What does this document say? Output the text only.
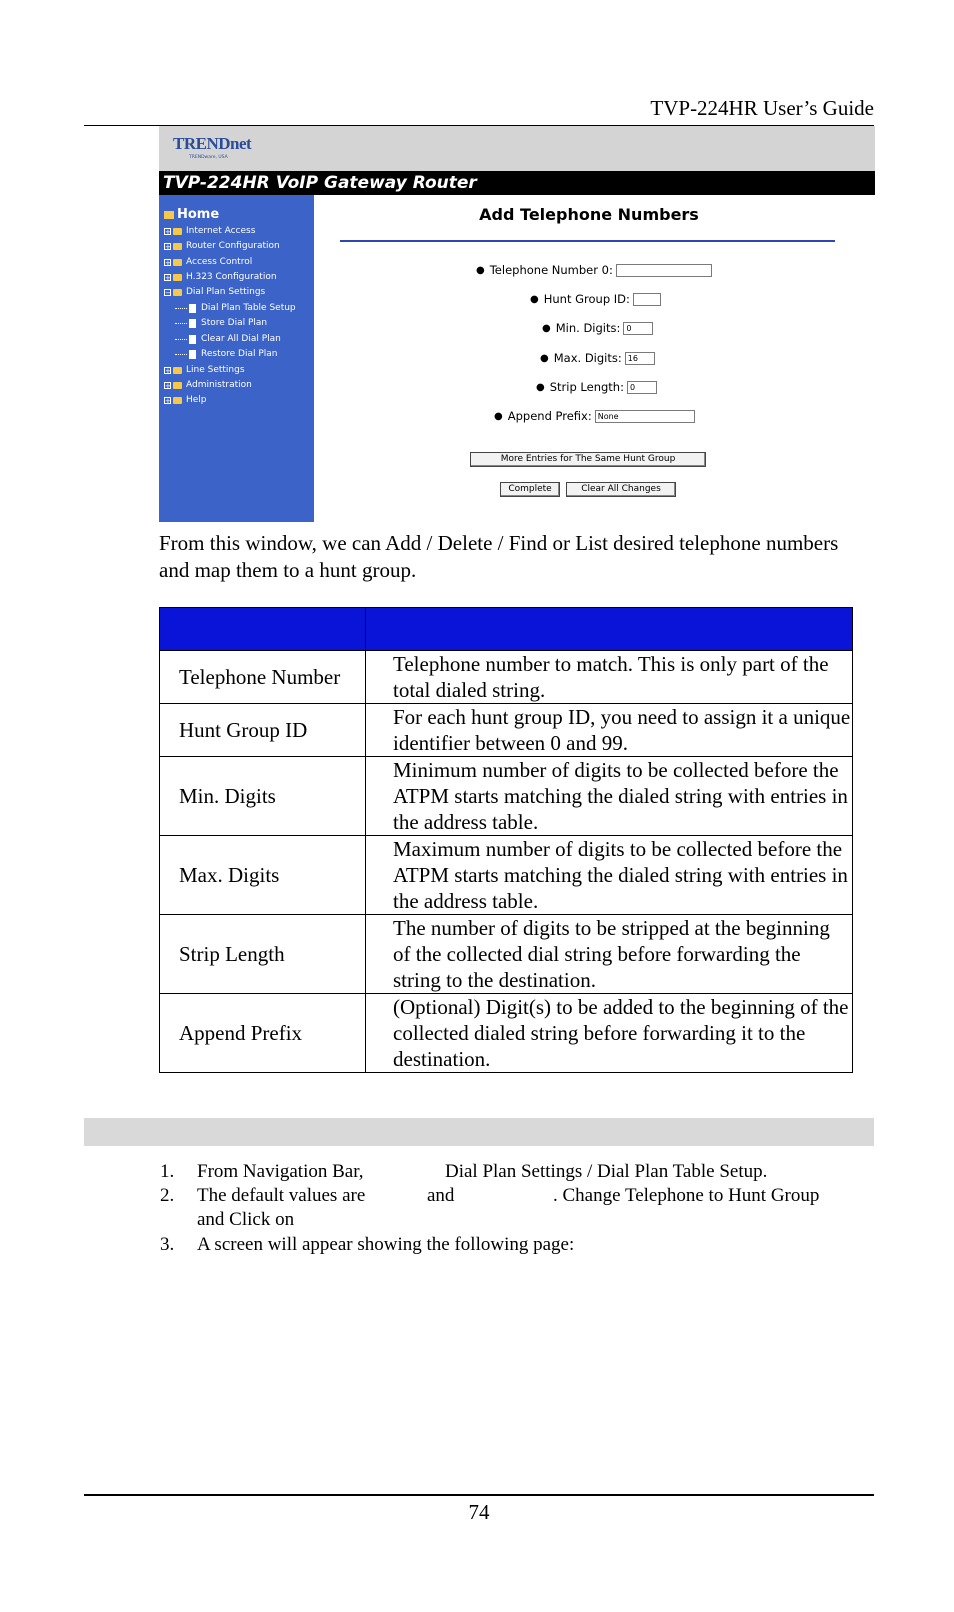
TVP-224HR User’s Guide
TRENDnet
TRENDware, USA
TVP-224HR VoIP Gateway Router
Home
+ Internet Access
+ Router Configuration
+ Access Control
+ H.323 Configuration
− Dial Plan Settings
Dial Plan Table Setup
Store Dial Plan
Clear All Dial Plan
Restore Dial Plan
+ Line Settings
+ Administration
+ Help
Add Telephone Numbers
● Telephone Number 0:
● Hunt Group ID:
● Min. Digits: 0
● Max. Digits: 16
● Strip Length: 0
● Append Prefix: None
More Entries for The Same Hunt Group
Complete	Clear All Changes
From this window, we can Add / Delete / Find or List desired telephone numbers and map them to a hunt group.

Telephone Number	Telephone number to match. This is only part of the total dialed string.
Hunt Group ID	For each hunt group ID, you need to assign it a unique identifier between 0 and 99.
Min. Digits	Minimum number of digits to be collected before the ATPM starts matching the dialed string with entries in the address table.
Max. Digits	Maximum number of digits to be collected before the ATPM starts matching the dialed string with entries in the address table.
Strip Length	The number of digits to be stripped at the beginning of the collected dial string before forwarding the string to the destination.
Append Prefix	(Optional) Digit(s) to be added to the beginning of the collected dialed string before forwarding it to the destination.
1. From Navigation Bar,	Dial Plan Settings / Dial Plan Table Setup.
2. The default values are	and	. Change Telephone to Hunt Group
and Click on
3. A screen will appear showing the following page:
74
